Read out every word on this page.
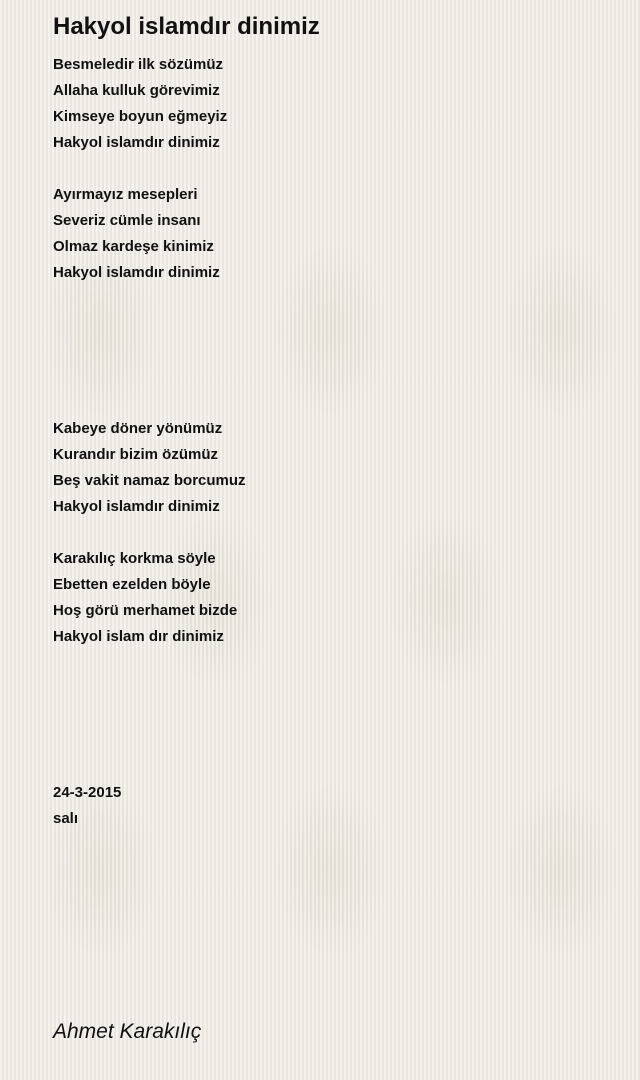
Hakyol islamdır dinimiz
Besmeledir ilk sözümüz
Allaha kulluk görevimiz
Kimseye boyun eğmeyiz
Hakyol islamdır dinimiz
Ayırmayız mesepleri
Severiz cümle insanı
Olmaz kardeşe kinimiz
Hakyol islamdır dinimiz
Kabeye döner yönümüz
Kurandır bizim özümüz
Beş vakit namaz borcumuz
Hakyol islamdır dinimiz
Karakılıç korkma söyle
Ebetten ezelden böyle
Hoş görü merhamet bizde
Hakyol islam dır dinimiz
24-3-2015
salı
Ahmet Karakılıç
